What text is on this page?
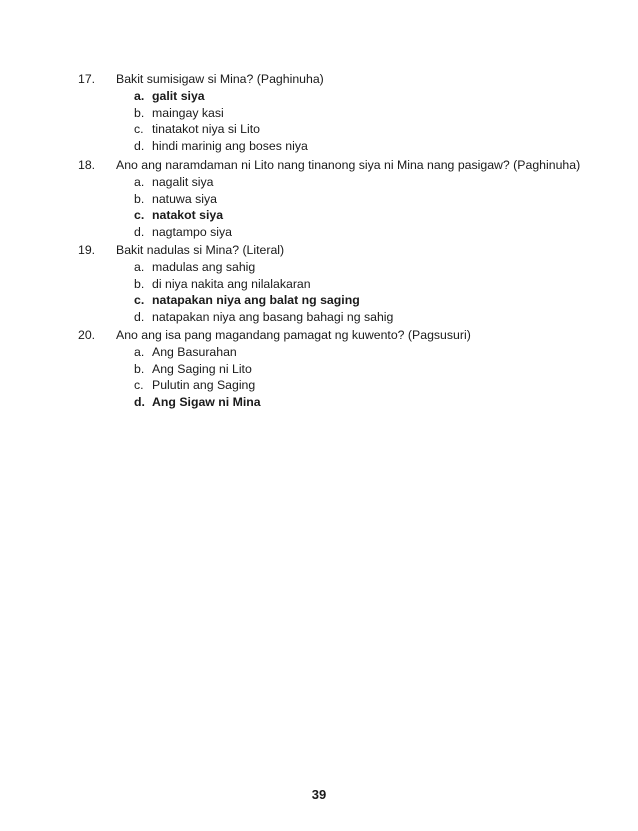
17. Bakit sumisigaw si Mina? (Paghinuha)
a. galit siya
b. maingay kasi
c. tinatakot niya si Lito
d. hindi marinig ang boses niya
18. Ano ang naramdaman ni Lito nang tinanong siya ni Mina nang pasigaw? (Paghinuha)
a. nagalit siya
b. natuwa siya
c. natakot siya
d. nagtampo siya
19. Bakit nadulas si Mina? (Literal)
a. madulas ang sahig
b. di niya nakita ang nilalakaran
c. natapakan niya ang balat ng saging
d. natapakan niya ang basang bahagi ng sahig
20. Ano ang isa pang magandang pamagat ng kuwento? (Pagsusuri)
a. Ang Basurahan
b. Ang Saging ni Lito
c. Pulutin ang Saging
d. Ang Sigaw ni Mina
39
